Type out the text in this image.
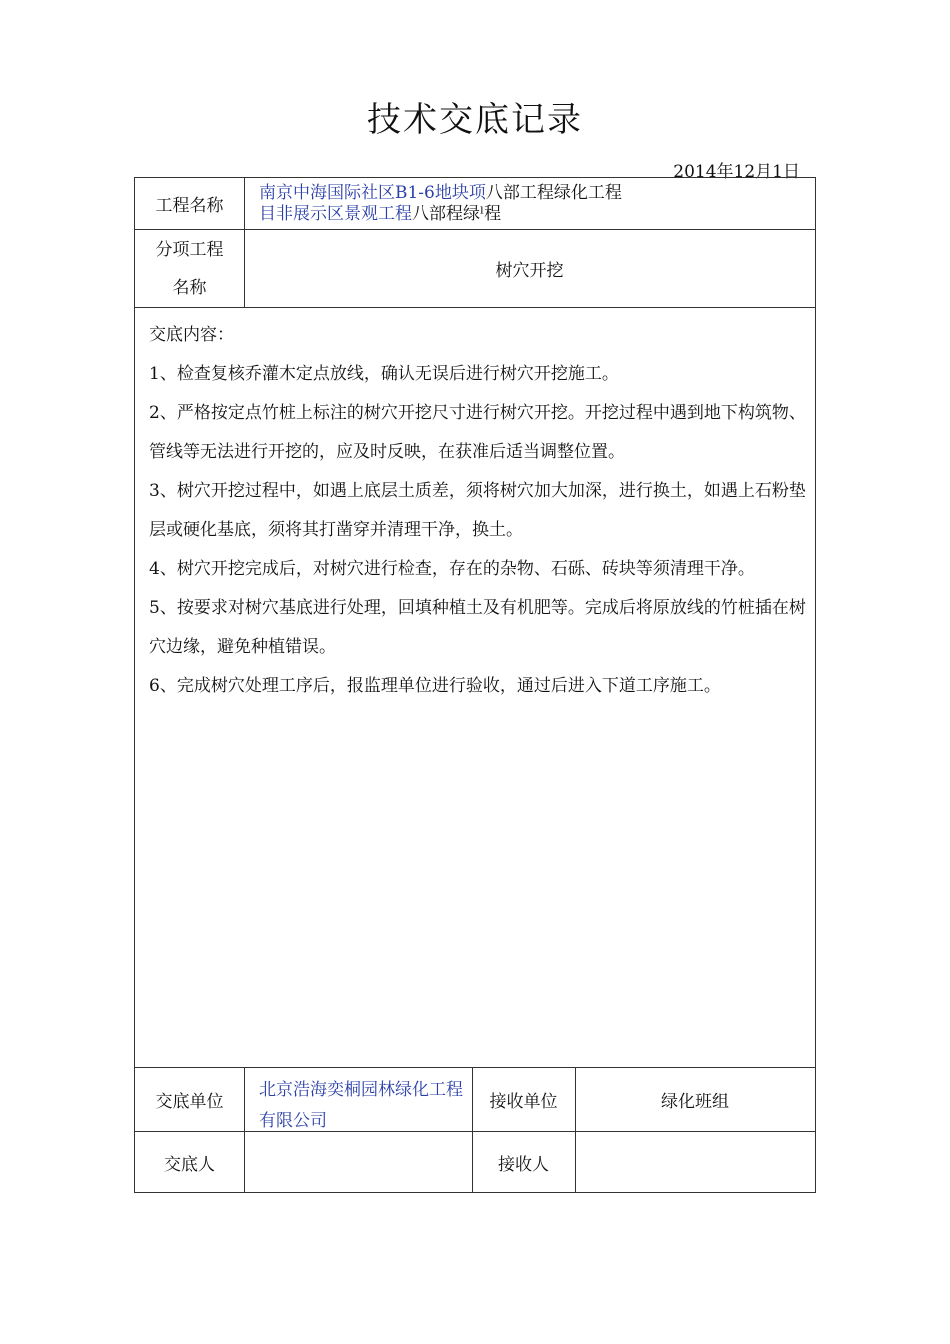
技术交底记录
2014年12月1日
工程名称
南京中海国际社区B1-6地块项八部工程绿化工程
目非展示区景观工程八部程绿ˡ程
分项工程
名称
树穴开挖

交底内容：

1、检查复核乔灌木定点放线，确认无误后进行树穴开挖施工。

2、严格按定点竹桩上标注的树穴开挖尺寸进行树穴开挖。开挖过程中遇到地下构筑物、管线等无法进行开挖的，应及时反映，在获准后适当调整位置。

3、树穴开挖过程中，如遇上底层土质差，须将树穴加大加深，进行换土，如遇上石粉垫层或硬化基底，须将其打凿穿并清理干净，换土。

4、树穴开挖完成后，对树穴进行检查，存在的杂物、石砾、砖块等须清理干净。

5、按要求对树穴基底进行处理，回填种植土及有机肥等。完成后将原放线的竹桩插在树穴边缘，避免种植错误。

6、完成树穴处理工序后，报监理单位进行验收，通过后进入下道工序施工。

交底单位
北京浩海奕桐园林绿化工程
有限公司
接收单位	绿化班组
交底人	接收人
